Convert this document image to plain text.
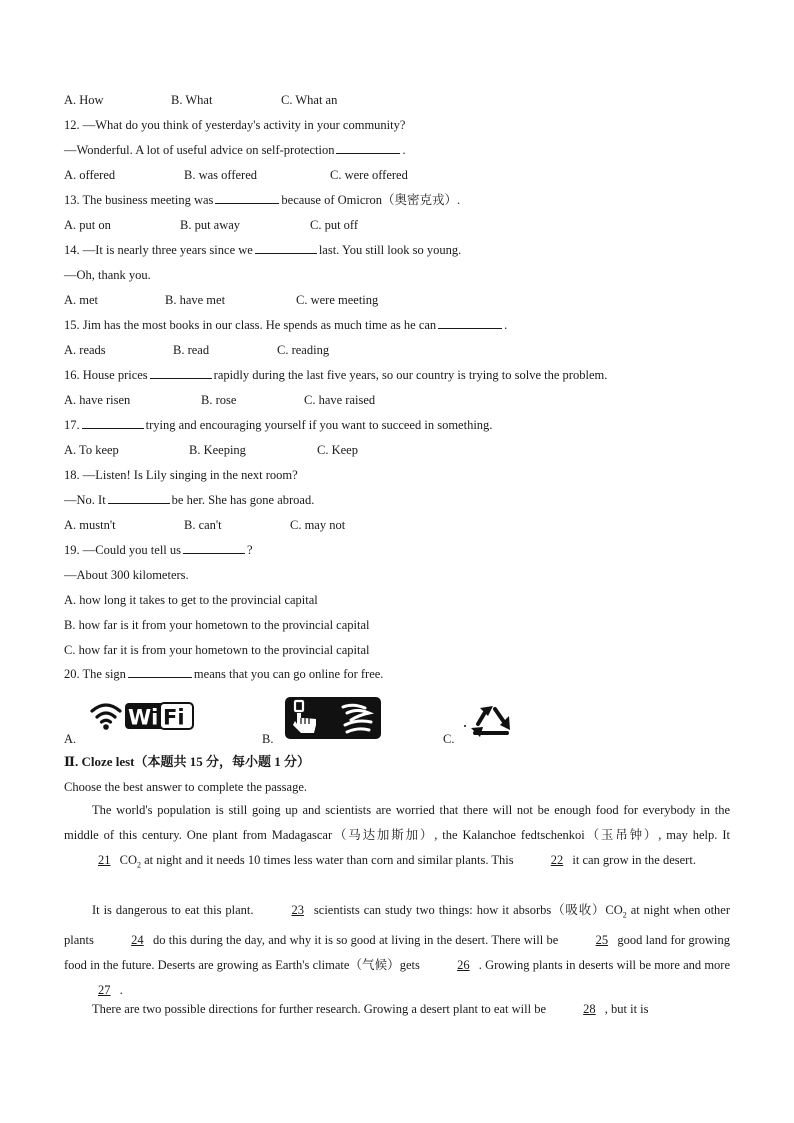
A. How	B. What	C. What an
12. —What do you think of yesterday's activity in your community?
—Wonderful. A lot of useful advice on self-protection	.
A. offered	B. was offered	C. were offered
13. The business meeting was	because of Omicron（奥密克戎）.
A. put on	B. put away	C. put off
14. —It is nearly three years since we	last. You still look so young.
—Oh, thank you.
A. met	B. have met	C. were meeting
15. Jim has the most books in our class. He spends as much time as he can	.
A. reads	B. read	C. reading
16. House prices	rapidly during the last five years, so our country is trying to solve the problem.
A. have risen	B. rose	C. have raised
17.	trying and encouraging yourself if you want to succeed in something.
A. To keep	B. Keeping	C. Keep
18. —Listen! Is Lily singing in the next room?
—No. It	be her. She has gone abroad.
A. mustn't	B. can't	C. may not
19. —Could you tell us	?
—About 300 kilometers.
A. how long it takes to get to the provincial capital
B. how far is it from your hometown to the provincial capital
C. how far it is from your hometown to the provincial capital
20. The sign	means that you can go online for free.
A.
Wi Fi
B.	C.
Ⅱ. Cloze lest（本题共 15 分，每小题 1 分）
Choose the best answer to complete the passage.
The world's population is still going up and scientists are worried that there will not be enough food for everybody in the middle of this century. One plant from Madagascar（马达加斯加）, the Kalanchoe fedtschenkoi（玉吊钟）, may help. It 21 $CO_2$ at night and it needs 10 times less water than corn and similar plants. This	22 it can grow in the desert.
It is dangerous to eat this plant.	23 scientists can study two things: how it absorbs（吸收）$CO_2$ at night when other plants	24 do this during the day, and why it is so good at living in the desert. There will be	25 good land for growing food in the future. Deserts are growing as Earth's climate（气候）gets	26 . Growing plants in deserts will be more and more 27 .
There are two possible directions for further research. Growing a desert plant to eat will be	28 , but it is
